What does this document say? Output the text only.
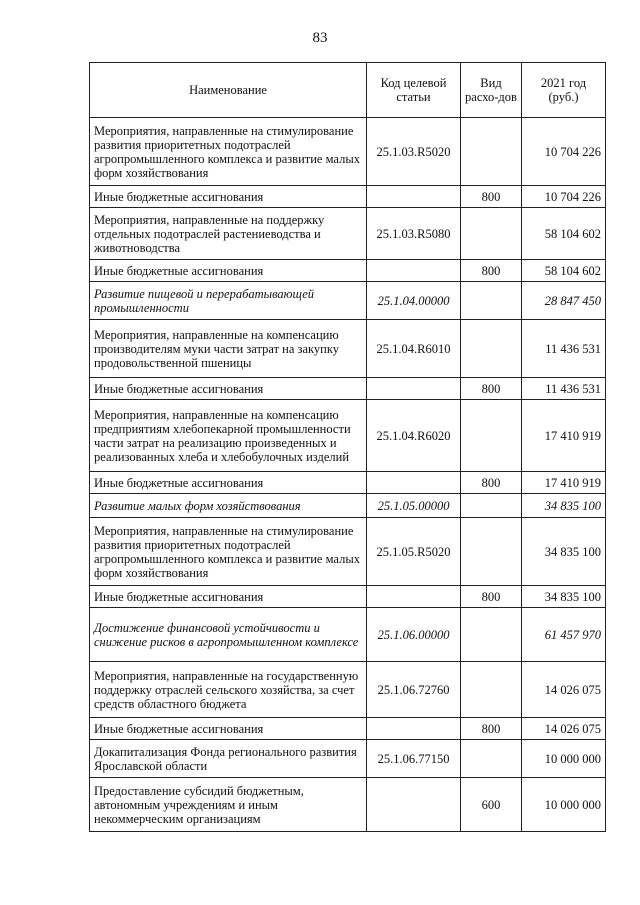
83
Наименование	Код целевой статьи	Вид расхо-дов	2021 год (руб.)
Мероприятия, направленные на стимулирование развития приоритетных подотраслей агропромышленного комплекса и развитие малых форм хозяйствования	25.1.03.R5020		10 704 226
Иные бюджетные ассигнования		800	10 704 226
Мероприятия, направленные на поддержку отдельных подотраслей растениеводства и животноводства	25.1.03.R5080		58 104 602
Иные бюджетные ассигнования		800	58 104 602
Развитие пищевой и перерабатывающей промышленности	25.1.04.00000		28 847 450
Мероприятия, направленные на компенсацию производителям муки части затрат на закупку продовольственной пшеницы	25.1.04.R6010		11 436 531
Иные бюджетные ассигнования		800	11 436 531
Мероприятия, направленные на компенсацию предприятиям хлебопекарной промышленности части затрат на реализацию произведенных и реализованных хлеба и хлебобулочных изделий	25.1.04.R6020		17 410 919
Иные бюджетные ассигнования		800	17 410 919
Развитие малых форм хозяйствования	25.1.05.00000		34 835 100
Мероприятия, направленные на стимулирование развития приоритетных подотраслей агропромышленного комплекса и развитие малых форм хозяйствования	25.1.05.R5020		34 835 100
Иные бюджетные ассигнования		800	34 835 100
Достижение финансовой устойчивости и снижение рисков в агропромышленном комплексе	25.1.06.00000		61 457 970
Мероприятия, направленные на государственную поддержку отраслей сельского хозяйства, за счет средств областного бюджета	25.1.06.72760		14 026 075
Иные бюджетные ассигнования		800	14 026 075
Докапитализация Фонда регионального развития Ярославской области	25.1.06.77150		10 000 000
Предоставление субсидий бюджетным, автономным учреждениям и иным некоммерческим организациям		600	10 000 000
